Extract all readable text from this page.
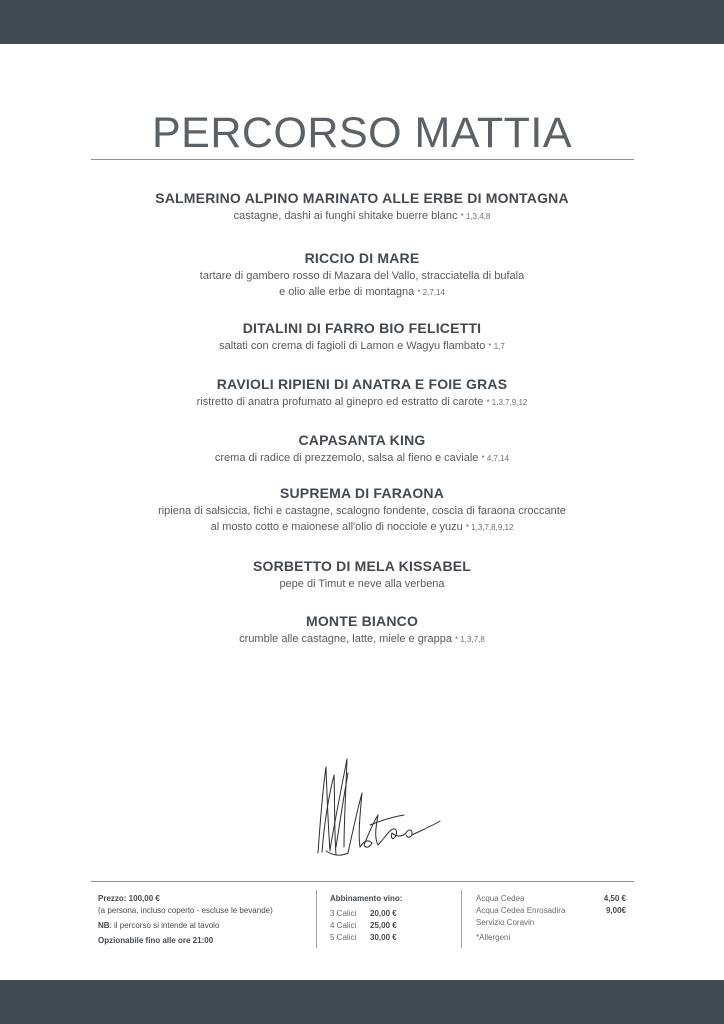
PERCORSO MATTIA
SALMERINO ALPINO MARINATO ALLE ERBE DI MONTAGNA
castagne, dashi ai funghi shitake buerre blanc * 1,3,4,8
RICCIO DI MARE
tartare di gambero rosso di Mazara del Vallo, stracciatella di bufala
e olio alle erbe di montagna * 2,7,14
DITALINI DI FARRO BIO FELICETTI
saltati con crema di fagioli di Lamon e Wagyu flambato * 1,7
RAVIOLI RIPIENI DI ANATRA E FOIE GRAS
ristretto di anatra profumato al ginepro ed estratto di carote * 1,3,7,9,12
CAPASANTA KING
crema di radice di prezzemolo, salsa al fieno e caviale * 4,7,14
SUPREMA DI FARAONA
ripiena di salsiccia, fichi e castagne, scalogno fondente, coscia di faraona croccante
al mosto cotto e maionese all'olio di nocciole e yuzu * 1,3,7,8,9,12
SORBETTO DI MELA KISSABEL
pepe di Timut e neve alla verbena
MONTE BIANCO
crumble alle castagne, latte, miele e grappa * 1,3,7,8
Prezzo: 100,00 €
(a persona, incluso coperto - escluse le bevande)
NB: il percorso si intende al tavolo
Opzionabile fino alle ore 21:00
Abbinamento vino:
3 Calici	20,00 €
4 Calici	25,00 €
5 Calici	30,00 €
Acqua Cedea	4,50 €
Acqua Cedea Enrosadira	9,00€
Servizio Coravin
*Allergeni
